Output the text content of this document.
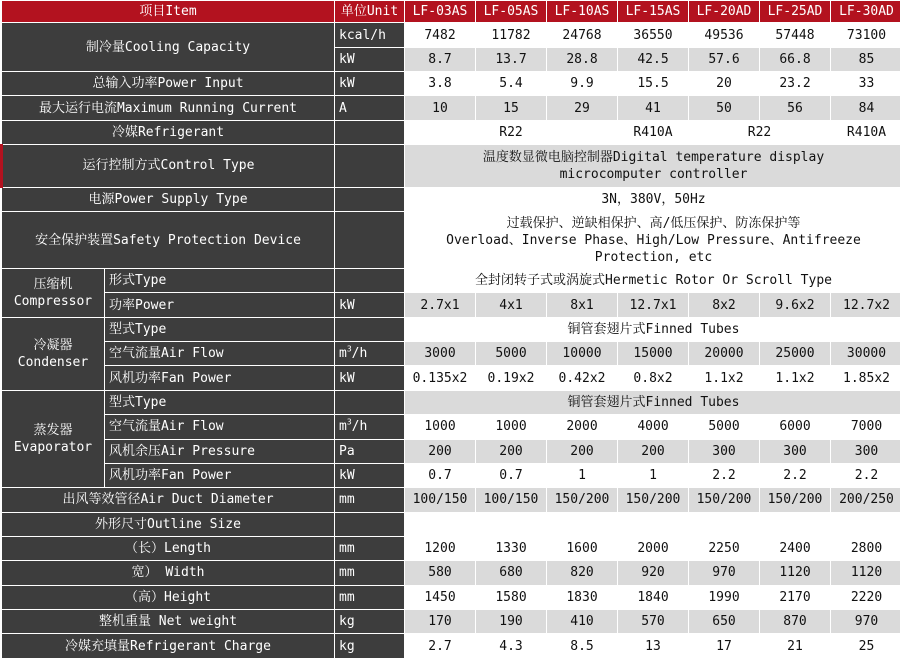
项目Item		单位Unit	LF-03AS	LF-05AS	LF-10AS	LF-15AS	LF-20AD	LF-25AD	LF-30AD
制冷量Cooling Capacity		kcal/h	7482	11782	24768	36550	49536	57448	73100
		kW	8.7	13.7	28.8	42.5	57.6	66.8	85
总输入功率Power Input		kW	3.8	5.4	9.9	15.5	20	23.2	33
最大运行电流Maximum Running Current		A	10	15	29	41	50	56	84
冷媒Refrigerant			R22			R410A	R22		R410A
运行控制方式Control Type			温度数显微电脑控制器Digital temperature display
microcomputer controller						

电源Power Supply Type			3N，380V，50Hz						
安全保护装置Safety Protection Device			过载保护、逆缺相保护、高/低压保护、防冻保护等
Overload、Inverse Phase、High/Low Pressure、Antifreeze
Protection, etc						

压缩机
Compressor	形式Type		全封闭转子式或涡旋式Hermetic Rotor Or Scroll Type						
	功率Power	kW	2.7x1	4x1	8x1	12.7x1	8x2	9.6x2	12.7x2

冷凝器
Condenser	型式Type		铜管套翅片式Finned Tubes						
	空气流量Air Flow	$m^3/h$	3000	5000	10000	15000	20000	25000	30000
	风机功率Fan Power	kW	0.135x2	0.19x2	0.42x2	0.8x2	1.1x2	1.1x2	1.85x2

蒸发器
Evaporator	型式Type		铜管套翅片式Finned Tubes						
	空气流量Air Flow	$m^3/h$	1000	1000	2000	4000	5000	6000	7000
	风机余压Air Pressure	Pa	200	200	200	200	300	300	300
	风机功率Fan Power	kW	0.7	0.7	1	1	2.2	2.2	2.2
出风等效管径Air Duct Diameter		mm	100/150	100/150	150/200	150/200	150/200	150/200	200/250
外形尺寸Outline Size									
（长）Length		mm	1200	1330	1600	2000	2250	2400	2800
宽） Width		mm	580	680	820	920	970	1120	1120
（高）Height		mm	1450	1580	1830	1840	1990	2170	2220
整机重量 Net weight		kg	170	190	410	570	650	870	970
冷媒充填量Refrigerant Charge		kg	2.7	4.3	8.5	13	17	21	25
